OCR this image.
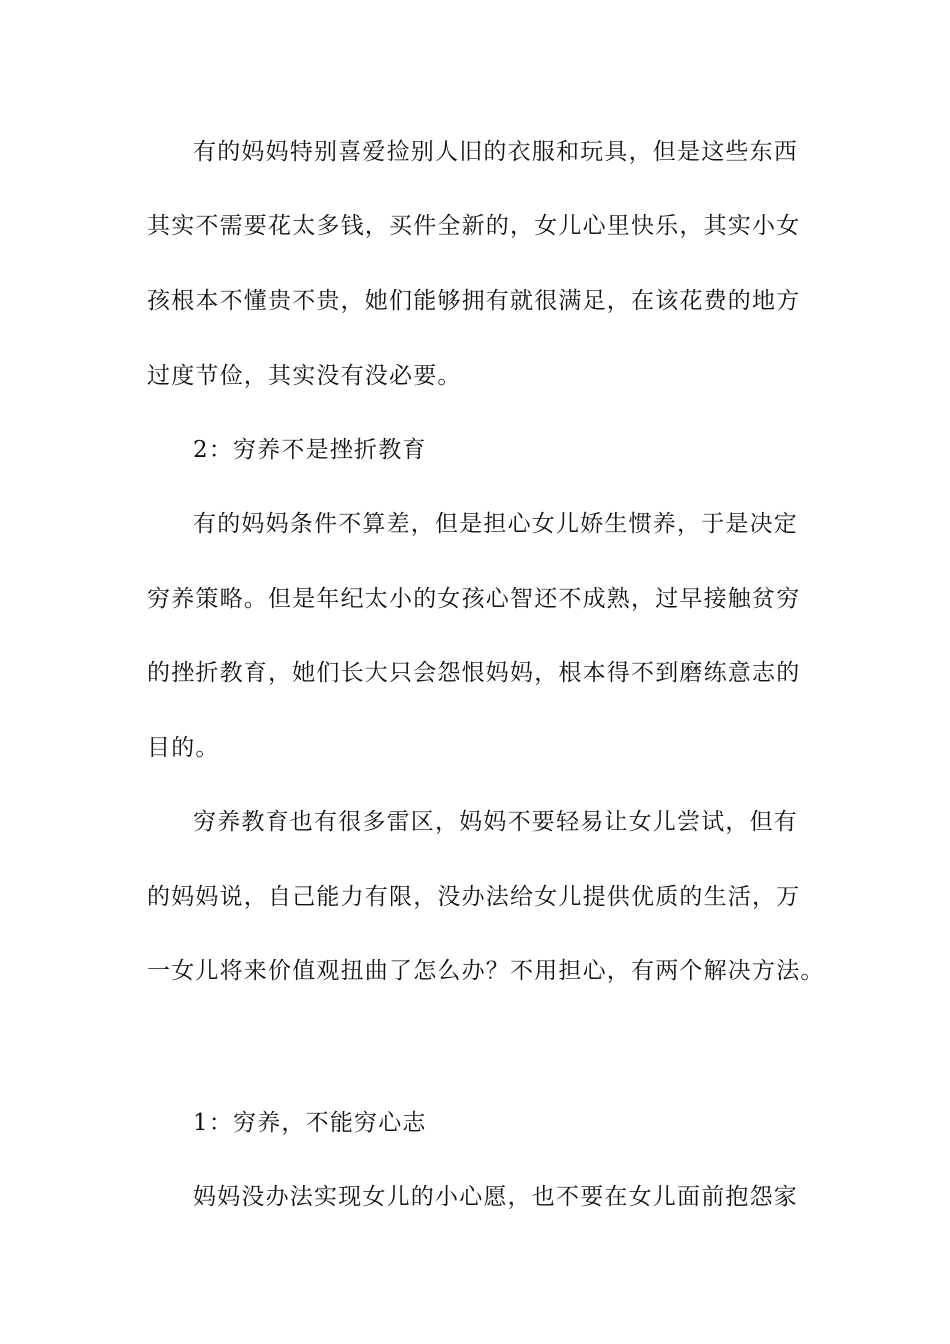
有的妈妈特别喜爱捡别人旧的衣服和玩具，但是这些东西
其实不需要花太多钱，买件全新的，女儿心里快乐，其实小女
孩根本不懂贵不贵，她们能够拥有就很满足，在该花费的地方
过度节俭，其实没有没必要。
2：穷养不是挫折教育
有的妈妈条件不算差，但是担心女儿娇生惯养，于是决定
穷养策略。但是年纪太小的女孩心智还不成熟，过早接触贫穷
的挫折教育，她们长大只会怨恨妈妈，根本得不到磨练意志的
目的。
穷养教育也有很多雷区，妈妈不要轻易让女儿尝试，但有
的妈妈说，自己能力有限，没办法给女儿提供优质的生活，万
一女儿将来价值观扭曲了怎么办？不用担心，有两个解决方法。
1：穷养，不能穷心志
妈妈没办法实现女儿的小心愿，也不要在女儿面前抱怨家
